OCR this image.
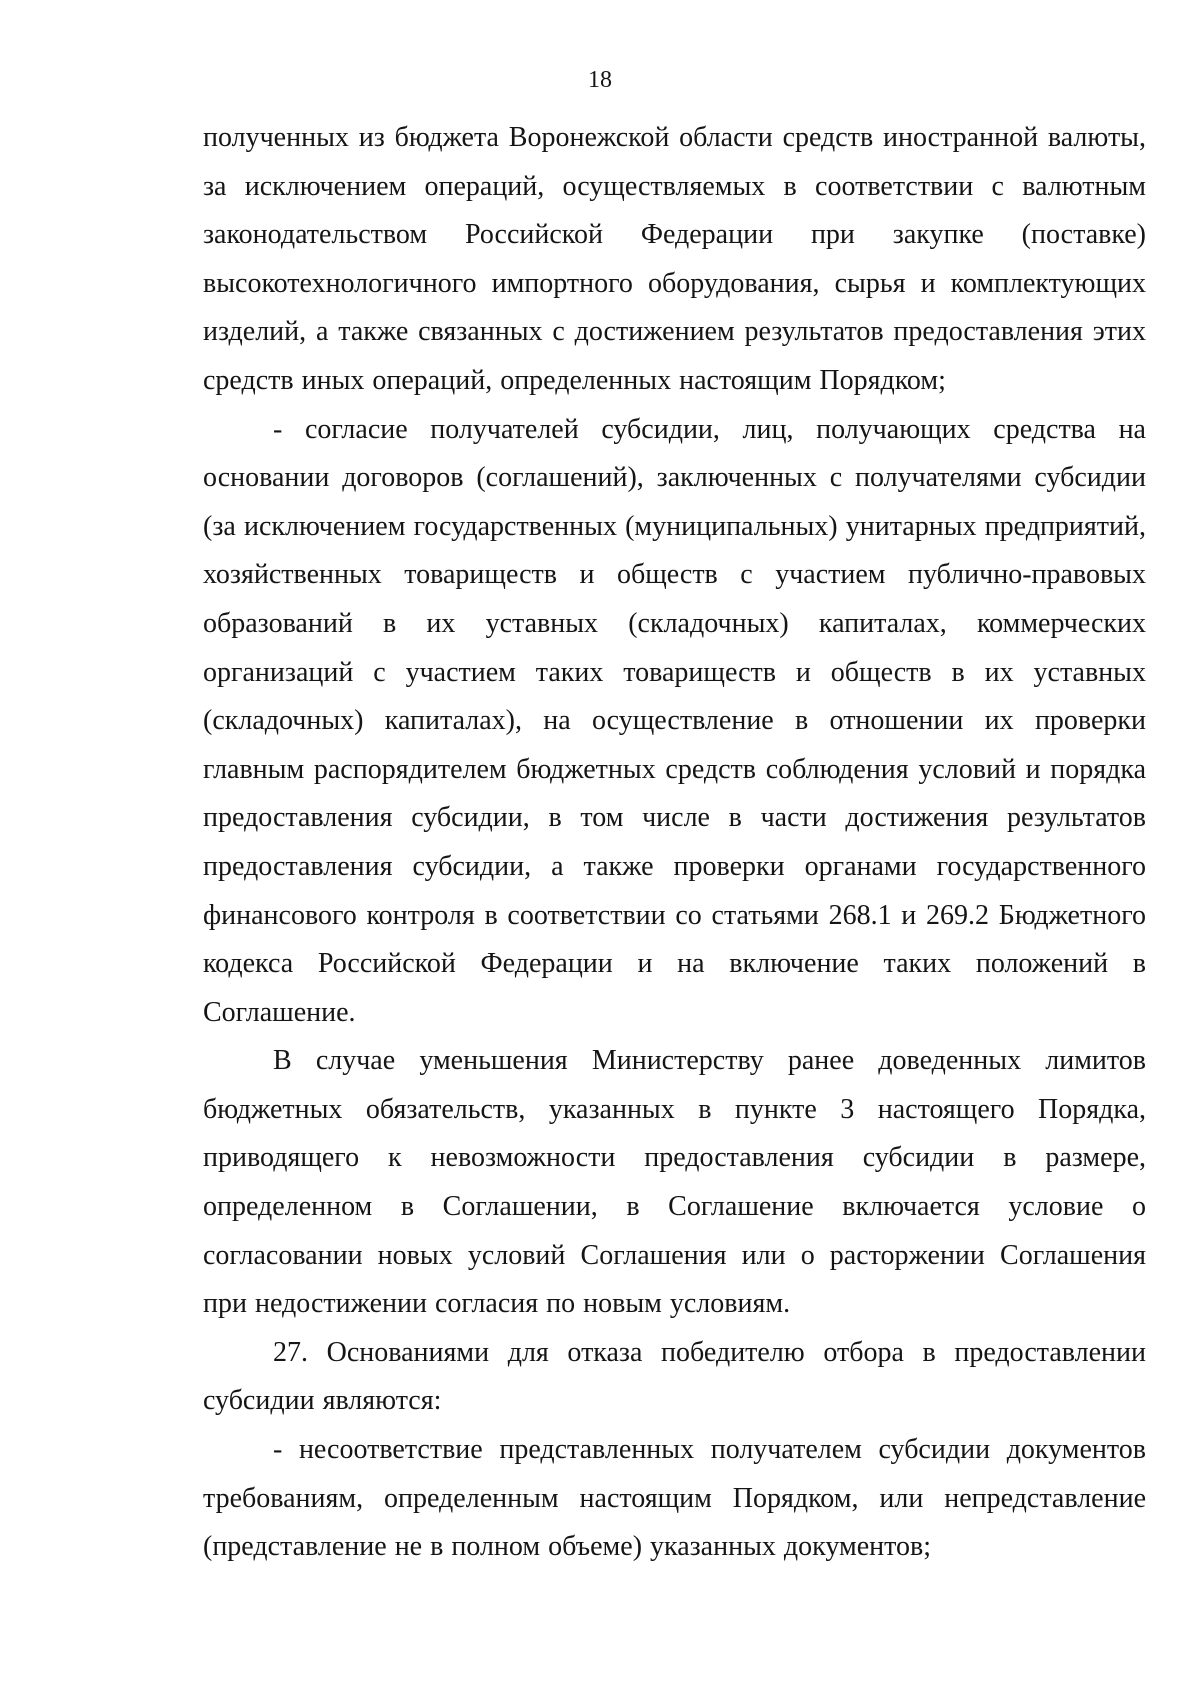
18

полученных из бюджета Воронежской области средств иностранной валюты, за исключением операций, осуществляемых в соответствии с валютным законодательством Российской Федерации при закупке (поставке) высокотехнологичного импортного оборудования, сырья и комплектующих изделий, а также связанных с достижением результатов предоставления этих средств иных операций, определенных настоящим Порядком;

- согласие получателей субсидии, лиц, получающих средства на основании договоров (соглашений), заключенных с получателями субсидии (за исключением государственных (муниципальных) унитарных предприятий, хозяйственных товариществ и обществ с участием публично-правовых образований в их уставных (складочных) капиталах, коммерческих организаций с участием таких товариществ и обществ в их уставных (складочных) капиталах), на осуществление в отношении их проверки главным распорядителем бюджетных средств соблюдения условий и порядка предоставления субсидии, в том числе в части достижения результатов предоставления субсидии, а также проверки органами государственного финансового контроля в соответствии со статьями 268.1 и 269.2 Бюджетного кодекса Российской Федерации и на включение таких положений в Соглашение.

В случае уменьшения Министерству ранее доведенных лимитов бюджетных обязательств, указанных в пункте 3 настоящего Порядка, приводящего к невозможности предоставления субсидии в размере, определенном в Соглашении, в Соглашение включается условие о согласовании новых условий Соглашения или о расторжении Соглашения при недостижении согласия по новым условиям.

27. Основаниями для отказа победителю отбора в предоставлении субсидии являются:

- несоответствие представленных получателем субсидии документов требованиям, определенным настоящим Порядком, или непредставление (представление не в полном объеме) указанных документов;
